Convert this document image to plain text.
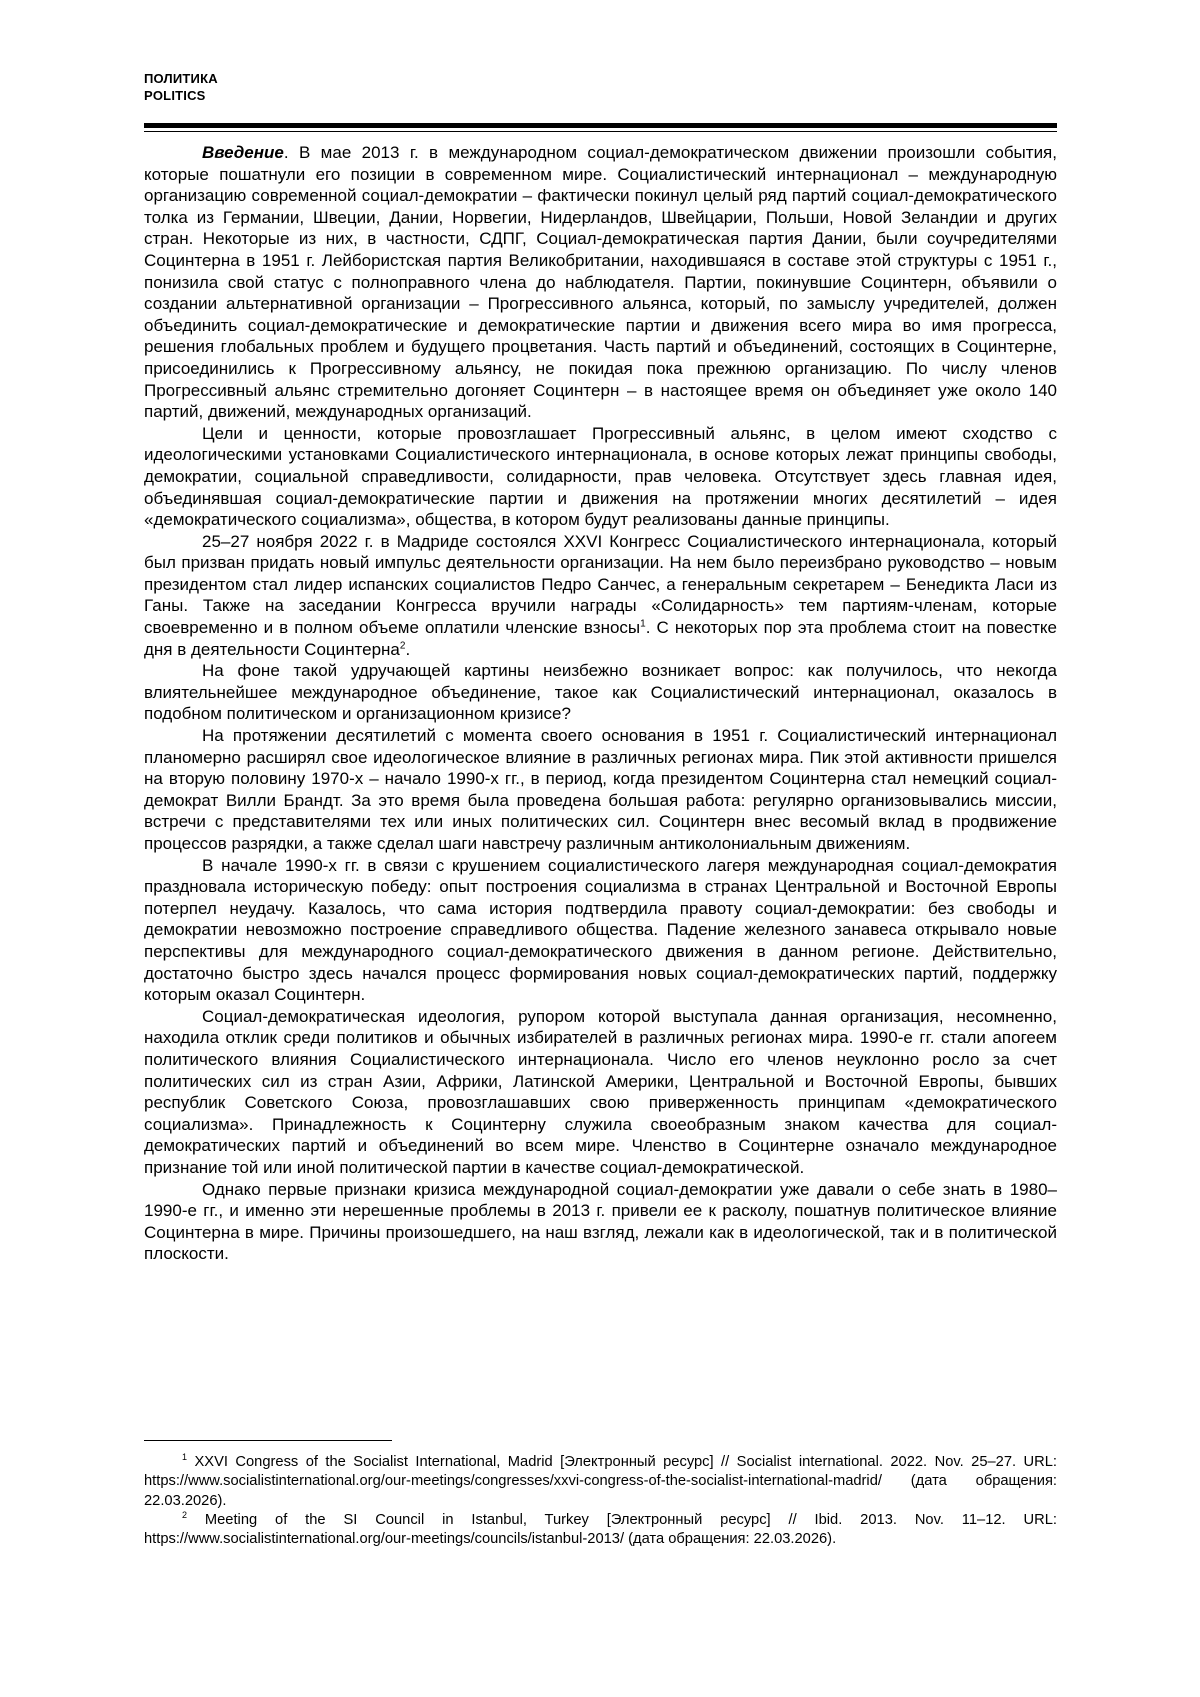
ПОЛИТИКА
POLITICS

Введение. В мае 2013 г. в международном социал-демократическом движении произошли события, которые пошатнули его позиции в современном мире. Социалистический интернационал – международную организацию современной социал-демократии – фактически покинул целый ряд партий социал-демократического толка из Германии, Швеции, Дании, Норвегии, Нидерландов, Швейцарии, Польши, Новой Зеландии и других стран. Некоторые из них, в частности, СДПГ, Социал-демократическая партия Дании, были соучредителями Социнтерна в 1951 г. Лейбористская партия Великобритании, находившаяся в составе этой структуры с 1951 г., понизила свой статус с полноправного члена до наблюдателя. Партии, покинувшие Социнтерн, объявили о создании альтернативной организации – Прогрессивного альянса, который, по замыслу учредителей, должен объединить социал-демократические и демократические партии и движения всего мира во имя прогресса, решения глобальных проблем и будущего процветания. Часть партий и объединений, состоящих в Социнтерне, присоединились к Прогрессивному альянсу, не покидая пока прежнюю организацию. По числу членов Прогрессивный альянс стремительно догоняет Социнтерн – в настоящее время он объединяет уже около 140 партий, движений, международных организаций.

Цели и ценности, которые провозглашает Прогрессивный альянс, в целом имеют сходство с идеологическими установками Социалистического интернационала, в основе которых лежат принципы свободы, демократии, социальной справедливости, солидарности, прав человека. Отсутствует здесь главная идея, объединявшая социал-демократические партии и движения на протяжении многих десятилетий – идея «демократического социализма», общества, в котором будут реализованы данные принципы.

25–27 ноября 2022 г. в Мадриде состоялся XXVI Конгресс Социалистического интернационала, который был призван придать новый импульс деятельности организации. На нем было переизбрано руководство – новым президентом стал лидер испанских социалистов Педро Санчес, а генеральным секретарем – Бенедикта Ласи из Ганы. Также на заседании Конгресса вручили награды «Солидарность» тем партиям-членам, которые своевременно и в полном объеме оплатили членские взносы$^1$. С некоторых пор эта проблема стоит на повестке дня в деятельности Социнтерна$^2$.

На фоне такой удручающей картины неизбежно возникает вопрос: как получилось, что некогда влиятельнейшее международное объединение, такое как Социалистический интернационал, оказалось в подобном политическом и организационном кризисе?

На протяжении десятилетий с момента своего основания в 1951 г. Социалистический интернационал планомерно расширял свое идеологическое влияние в различных регионах мира. Пик этой активности пришелся на вторую половину 1970-х – начало 1990-х гг., в период, когда президентом Социнтерна стал немецкий социал-демократ Вилли Брандт. За это время была проведена большая работа: регулярно организовывались миссии, встречи с представителями тех или иных политических сил. Социнтерн внес весомый вклад в продвижение процессов разрядки, а также сделал шаги навстречу различным антиколониальным движениям.

В начале 1990-х гг. в связи с крушением социалистического лагеря международная социал-демократия праздновала историческую победу: опыт построения социализма в странах Центральной и Восточной Европы потерпел неудачу. Казалось, что сама история подтвердила правоту социал-демократии: без свободы и демократии невозможно построение справедливого общества. Падение железного занавеса открывало новые перспективы для международного социал-демократического движения в данном регионе. Действительно, достаточно быстро здесь начался процесс формирования новых социал-демократических партий, поддержку которым оказал Социнтерн.

Социал-демократическая идеология, рупором которой выступала данная организация, несомненно, находила отклик среди политиков и обычных избирателей в различных регионах мира. 1990-е гг. стали апогеем политического влияния Социалистического интернационала. Число его членов неуклонно росло за счет политических сил из стран Азии, Африки, Латинской Америки, Центральной и Восточной Европы, бывших республик Советского Союза, провозглашавших свою приверженность принципам «демократического социализма». Принадлежность к Социнтерну служила своеобразным знаком качества для социал-демократических партий и объединений во всем мире. Членство в Социнтерне означало международное признание той или иной политической партии в качестве социал-демократической.

Однако первые признаки кризиса международной социал-демократии уже давали о себе знать в 1980–1990-е гг., и именно эти нерешенные проблемы в 2013 г. привели ее к расколу, пошатнув политическое влияние Социнтерна в мире. Причины произошедшего, на наш взгляд, лежали как в идеологической, так и в политической плоскости.

$^1$ XXVI Congress of the Socialist International, Madrid [Электронный ресурс] // Socialist international. 2022. Nov. 25–27. URL: https://www.socialistinternational.org/our-meetings/congresses/xxvi-congress-of-the-socialist-international-madrid/ (дата обращения: 22.03.2026).

$^2$ Meeting of the SI Council in Istanbul, Turkey [Электронный ресурс] // Ibid. 2013. Nov. 11–12. URL: https://www.socialistinternational.org/our-meetings/councils/istanbul-2013/ (дата обращения: 22.03.2026).
